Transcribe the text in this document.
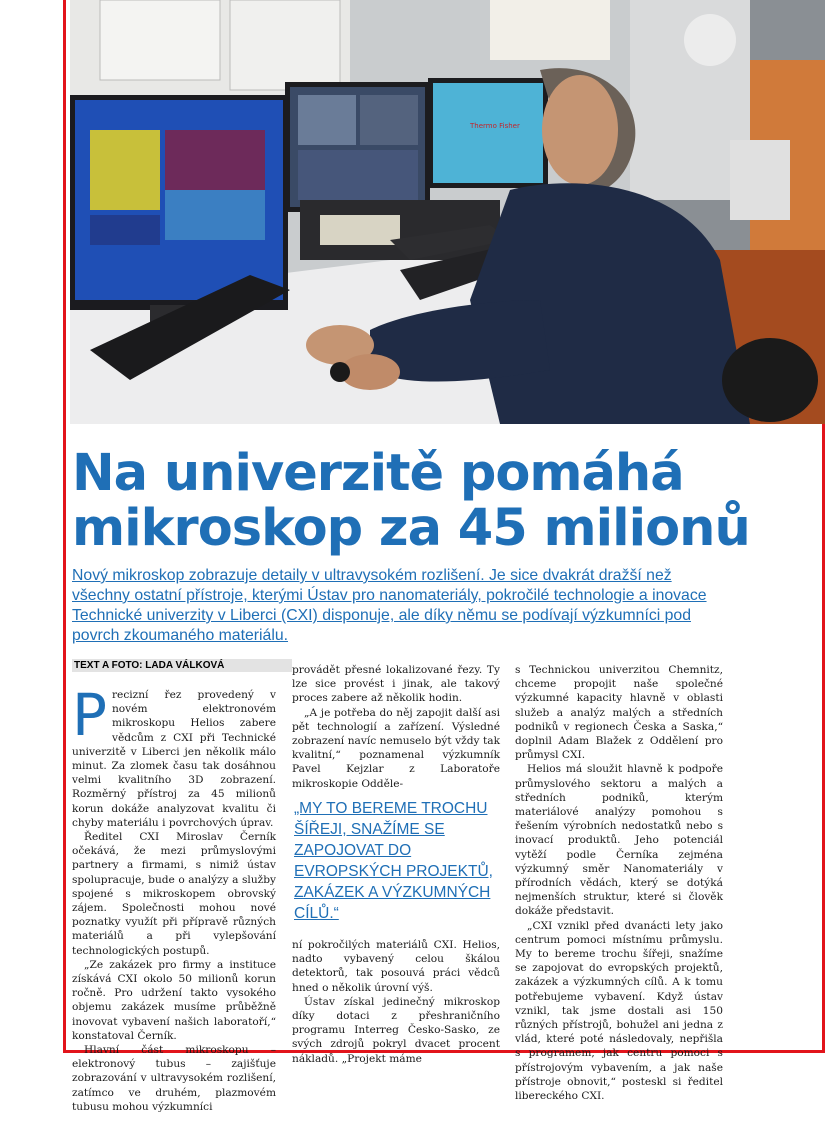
Thermo Fisher
Na univerzitě pomáhá
mikroskop za 45 milionů

Nový mikroskop zobrazuje detaily v ultravysokém rozlišení. Je sice dvakrát dražší než všechny ostatní přístroje, kterými Ústav pro nanomateriály, pokročilé technologie a inovace Technické univerzity v Liberci (CXI) disponuje, ale díky němu se podívají výzkumníci pod povrch zkoumaného materiálu.

TEXT A FOTO: LADA VÁLKOVÁ
P recizní řez provedený v novém elektronovém mikroskopu Helios zabere vědcům z CXI při Technické univerzitě v Liberci jen několik málo minut. Za zlomek času tak dosáhnou velmi kvalitního 3D zobrazení. Rozměrný přístroj za 45 milionů korun dokáže analyzovat kvalitu či chyby materiálu i povrchových úprav.

Ředitel CXI Miroslav Černík očekává, že mezi průmyslovými partnery a firmami, s nimiž ústav spolupracuje, bude o analýzy a služby spojené s mikroskopem obrovský zájem. Společnosti mohou nové poznatky využít při přípravě různých materiálů a při vylepšování technologických postupů.

„Ze zakázek pro firmy a instituce získává CXI okolo 50 milionů korun ročně. Pro udržení takto vysokého objemu zakázek musíme průběžně inovovat vybavení našich laboratoří,“ konstatoval Černík.

Hlavní část mikroskopu – elektronový tubus – zajišťuje zobrazování v ultravysokém rozlišení, zatímco ve druhém, plazmovém tubusu mohou výzkumníci

provádět přesné lokalizované řezy. Ty lze sice provést i jinak, ale takový proces zabere až několik hodin.

„A je potřeba do něj zapojit další asi pět technologií a zařízení. Výsledné zobrazení navíc nemuselo být vždy tak kvalitní,“ poznamenal výzkumník Pavel Kejzlar z Laboratoře mikroskopie Odděle-

„MY TO BEREME TROCHU ŠÍŘEJI, SNAŽÍME SE ZAPOJOVAT DO EVROPSKÝCH PROJEKTŮ, ZAKÁZEK A VÝZKUMNÝCH CÍLŮ.“

ní pokročilých materiálů CXI. Helios, nadto vybavený celou škálou detektorů, tak posouvá práci vědců hned o několik úrovní výš.

Ústav získal jedinečný mikroskop díky dotaci z přeshraničního programu Interreg Česko-Sasko, ze svých zdrojů pokryl dvacet procent nákladů. „Projekt máme

s Technickou univerzitou Chemnitz, chceme propojit naše společné výzkumné kapacity hlavně v oblasti služeb a analýz malých a středních podniků v regionech Česka a Saska,“ doplnil Adam Blažek z Oddělení pro průmysl CXI.

Helios má sloužit hlavně k podpoře průmyslového sektoru a malých a středních podniků, kterým materiálové analýzy pomohou s řešením výrobních nedostatků nebo s inovací produktů. Jeho potenciál vytěží podle Černíka zejména výzkumný směr Nanomateriály v přírodních vědách, který se dotýká nejmenších struktur, které si člověk dokáže představit.

„CXI vznikl před dvanácti lety jako centrum pomoci místnímu průmyslu. My to bereme trochu šířeji, snažíme se zapojovat do evropských projektů, zakázek a výzkumných cílů. A k tomu potřebujeme vybavení. Když ústav vznikl, tak jsme dostali asi 150 různých přístrojů, bohužel ani jedna z vlád, které poté následovaly, nepřišla s programem, jak centru pomoci s přístrojovým vybavením, a jak naše přístroje obnovit,“ posteskl si ředitel libereckého CXI.
